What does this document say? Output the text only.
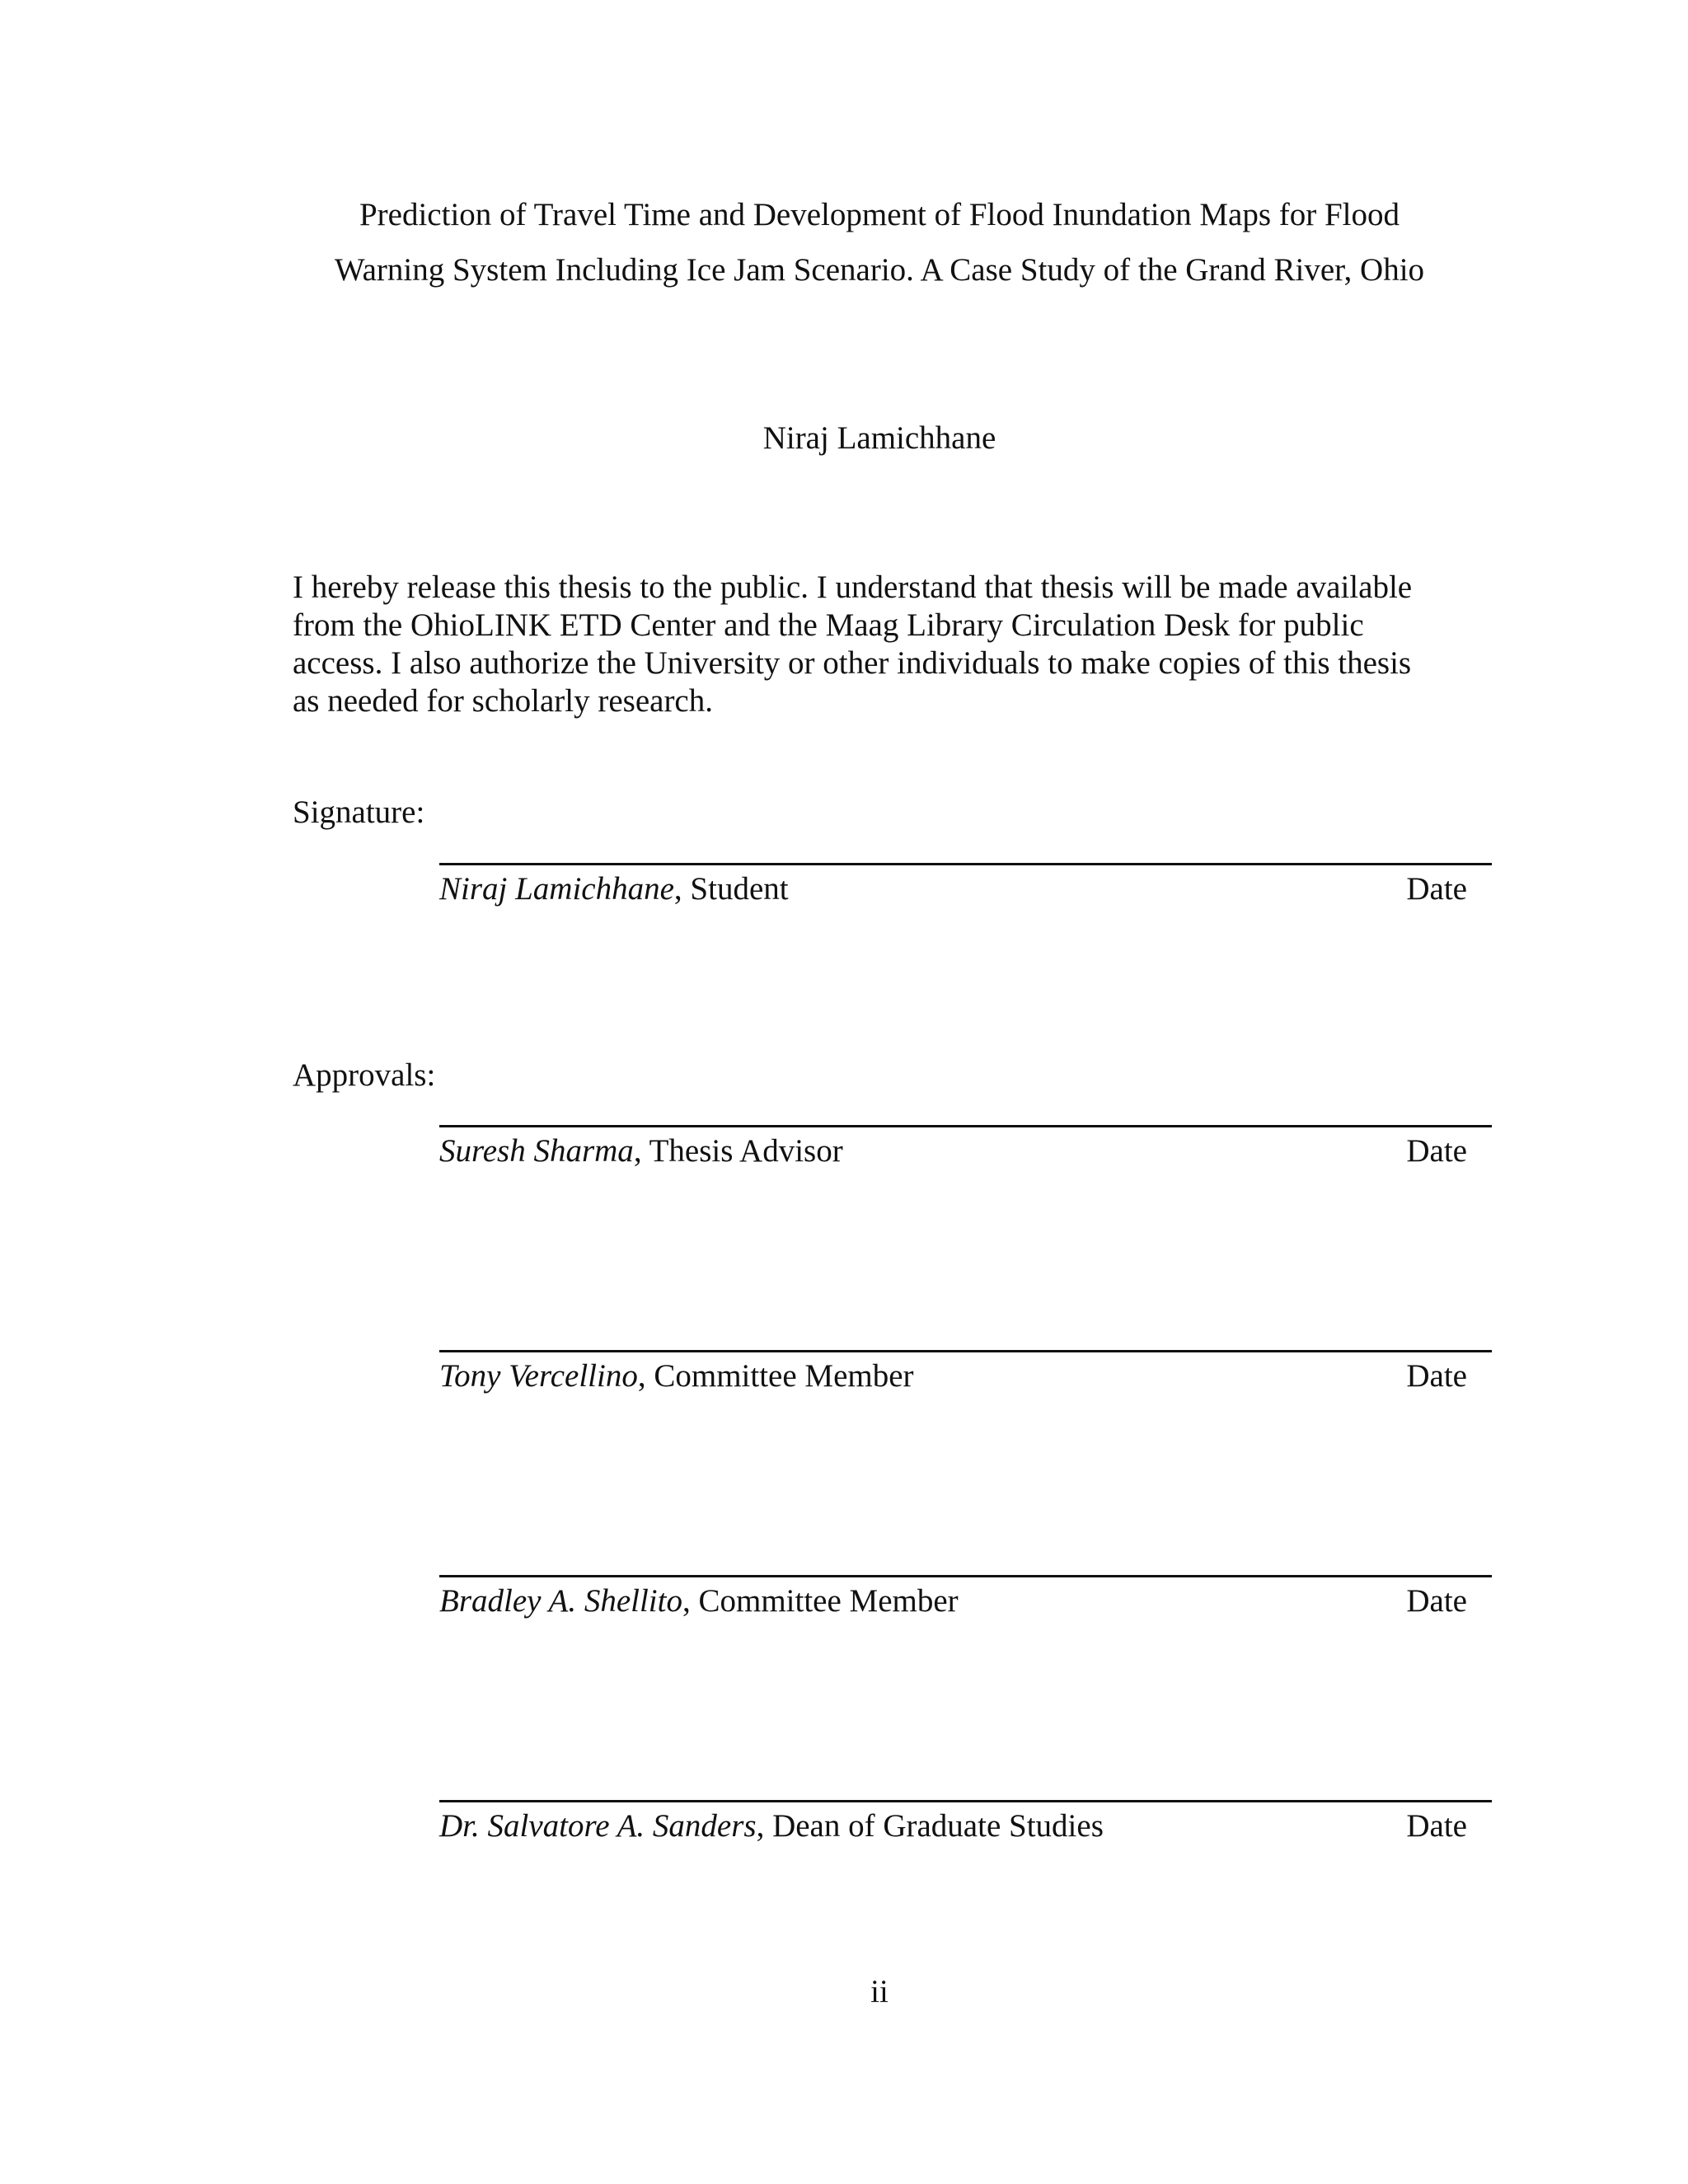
Prediction of Travel Time and Development of Flood Inundation Maps for Flood
Warning System Including Ice Jam Scenario. A Case Study of the Grand River, Ohio
Niraj Lamichhane
I hereby release this thesis to the public. I understand that thesis will be made available
from the OhioLINK ETD Center and the Maag Library Circulation Desk for public
access. I also authorize the University or other individuals to make copies of this thesis
as needed for scholarly research.
Signature:
Niraj Lamichhane, Student	Date
Approvals:
Suresh Sharma, Thesis Advisor	Date
Tony Vercellino, Committee Member	Date
Bradley A. Shellito, Committee Member	Date
Dr. Salvatore A. Sanders, Dean of Graduate Studies	Date
ii
